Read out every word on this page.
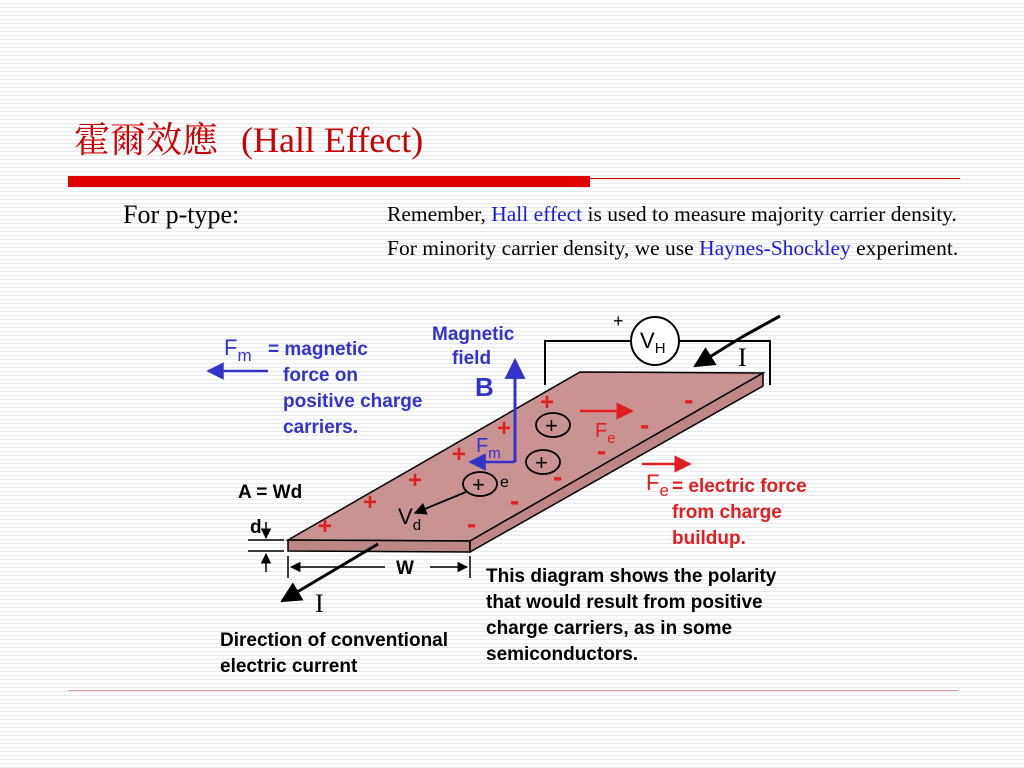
霍爾效應 (Hall Effect)
For p-type:	Remember, Hall effect is used to measure majority carrier density. For minority carrier density, we use Haynes-Shockley experiment.
+
$V_H$	I
I
Magnetic field
B
$F_m$
$F_m$ = magnetic force on positive charge carriers.	$F_e$
$F_e$ = electric force from charge buildup.
+
+
+
+
+
+
-
-
-
-
-
-
+
+
+ e
$V_d$
A = Wd
d
W	This diagram shows the polarity that would result from positive charge carriers, as in some semiconductors.
Direction of conventional electric current
